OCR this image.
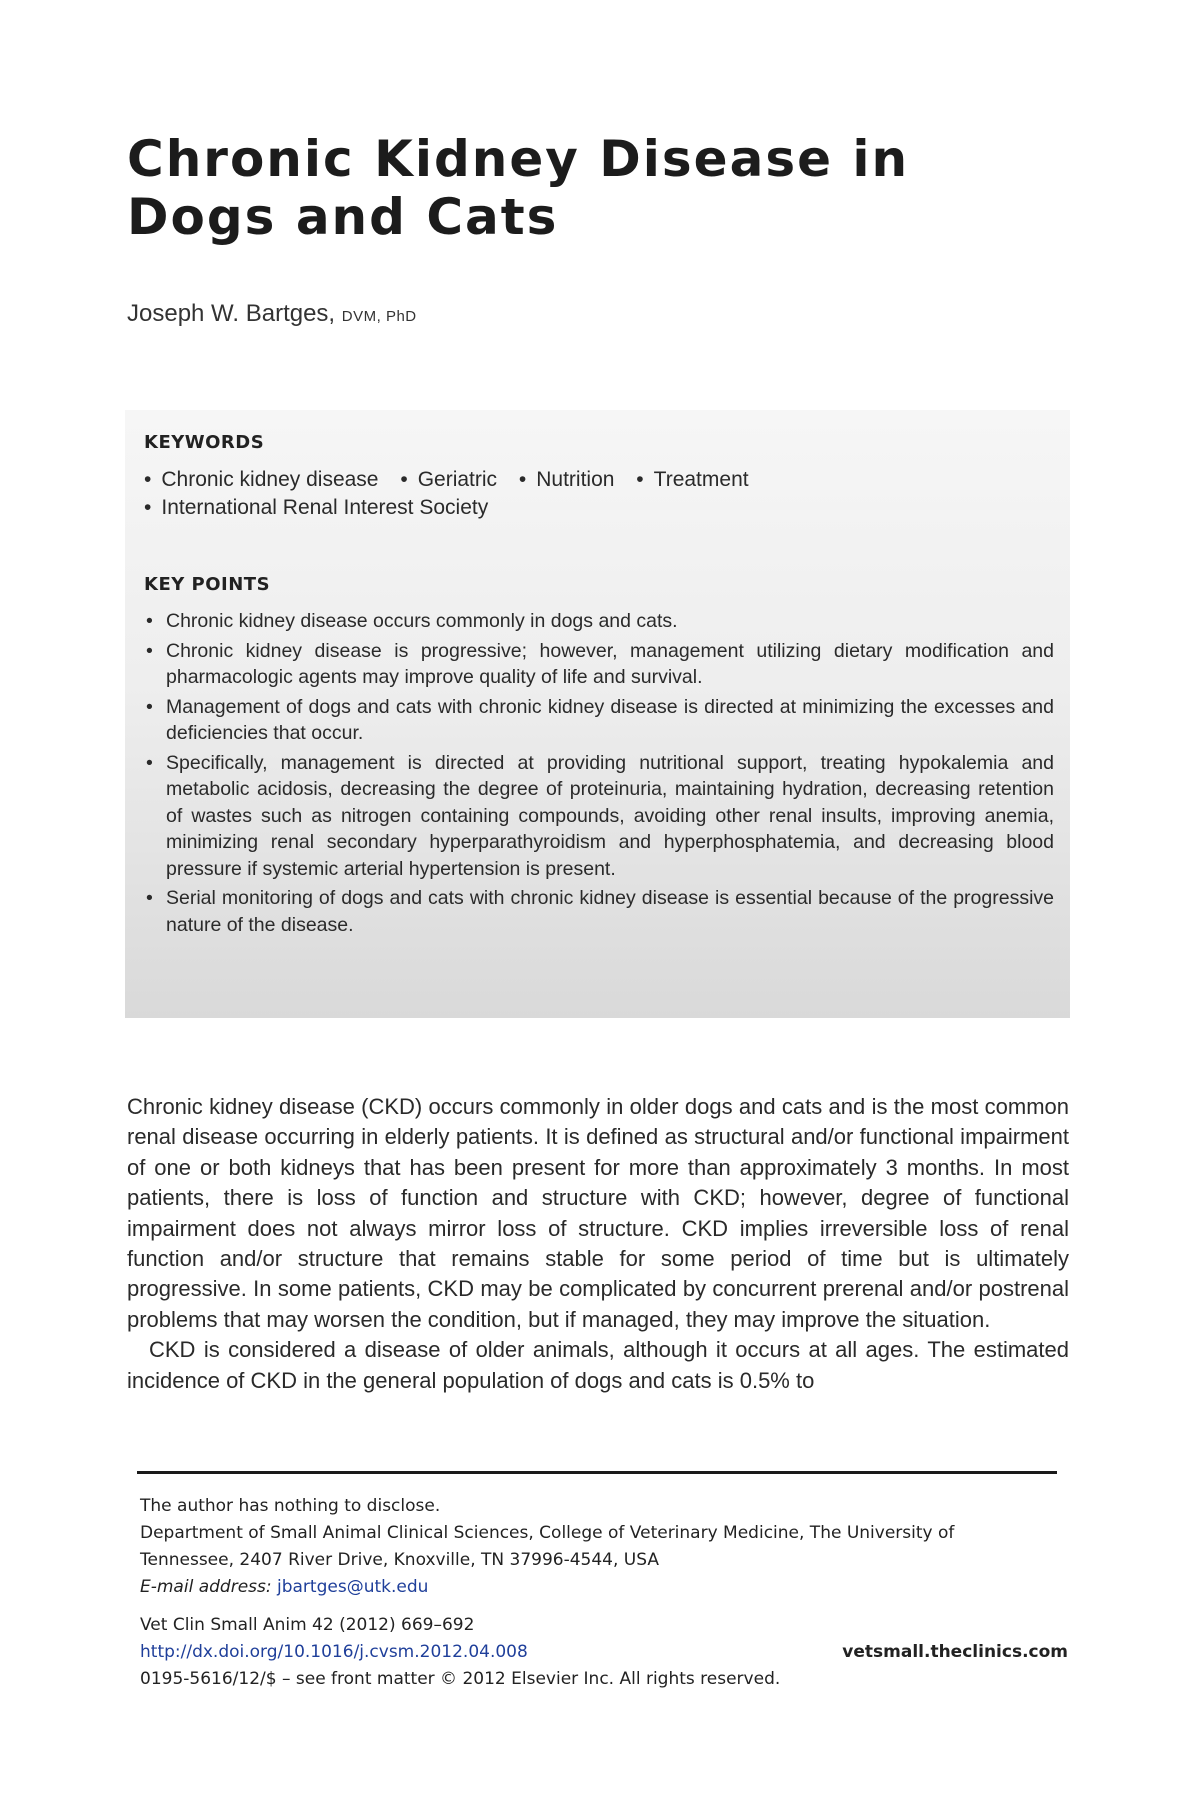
Chronic Kidney Disease in Dogs and Cats
Joseph W. Bartges, DVM, PhD
KEYWORDS
• Chronic kidney disease • Geriatric • Nutrition • Treatment
• International Renal Interest Society
KEY POINTS
• Chronic kidney disease occurs commonly in dogs and cats.
• Chronic kidney disease is progressive; however, management utilizing dietary modification and pharmacologic agents may improve quality of life and survival.
• Management of dogs and cats with chronic kidney disease is directed at minimizing the excesses and deficiencies that occur.
• Specifically, management is directed at providing nutritional support, treating hypokalemia and metabolic acidosis, decreasing the degree of proteinuria, maintaining hydration, decreasing retention of wastes such as nitrogen containing compounds, avoiding other renal insults, improving anemia, minimizing renal secondary hyperparathyroidism and hyperphosphatemia, and decreasing blood pressure if systemic arterial hypertension is present.
• Serial monitoring of dogs and cats with chronic kidney disease is essential because of the progressive nature of the disease.

Chronic kidney disease (CKD) occurs commonly in older dogs and cats and is the most common renal disease occurring in elderly patients. It is defined as structural and/or functional impairment of one or both kidneys that has been present for more than approximately 3 months. In most patients, there is loss of function and structure with CKD; however, degree of functional impairment does not always mirror loss of structure. CKD implies irreversible loss of renal function and/or structure that remains stable for some period of time but is ultimately progressive. In some patients, CKD may be complicated by concurrent prerenal and/or postrenal problems that may worsen the condition, but if managed, they may improve the situation.

CKD is considered a disease of older animals, although it occurs at all ages. The estimated incidence of CKD in the general population of dogs and cats is 0.5% to

The author has nothing to disclose.
Department of Small Animal Clinical Sciences, College of Veterinary Medicine, The University of
Tennessee, 2407 River Drive, Knoxville, TN 37996-4544, USA
E-mail address: jbartges@utk.edu
Vet Clin Small Anim 42 (2012) 669–692
http://dx.doi.org/10.1016/j.cvsm.2012.04.008	vetsmall.theclinics.com
0195-5616/12/$ – see front matter © 2012 Elsevier Inc. All rights reserved.
